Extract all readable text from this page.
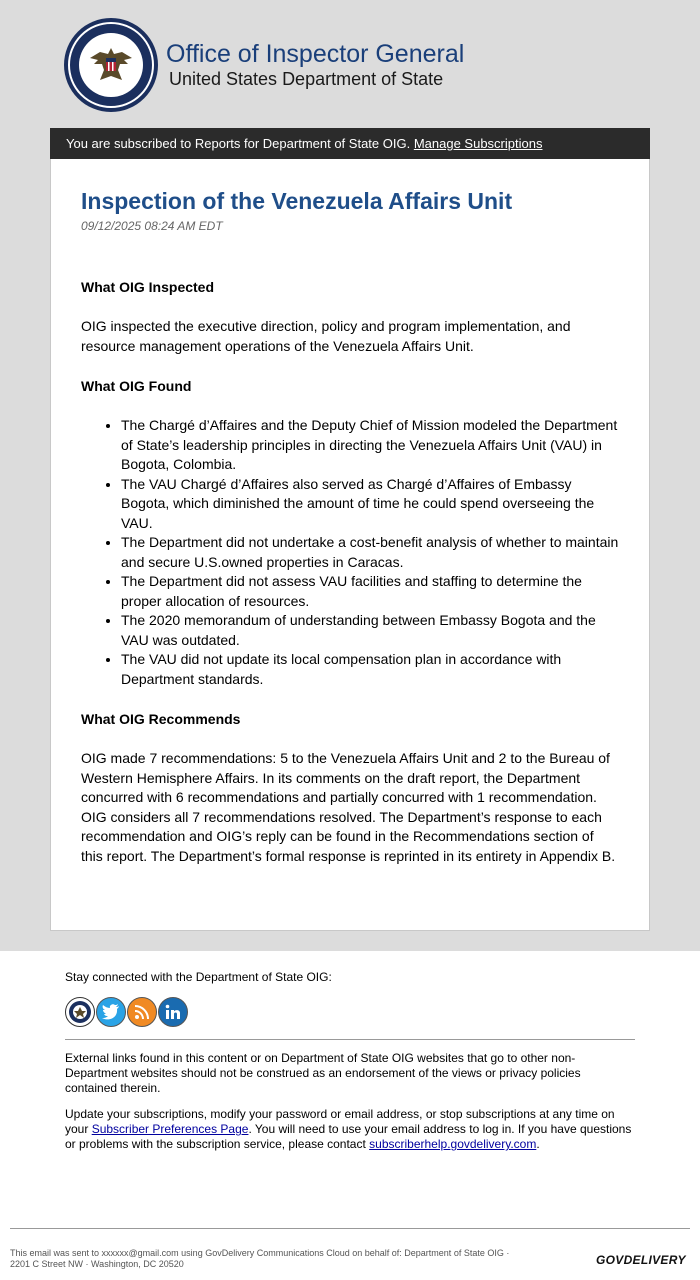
Office of Inspector General
United States Department of State
You are subscribed to Reports for Department of State OIG. Manage Subscriptions
Inspection of the Venezuela Affairs Unit
09/12/2025 08:24 AM EDT
What OIG Inspected
OIG inspected the executive direction, policy and program implementation, and resource management operations of the Venezuela Affairs Unit.
What OIG Found
• The Chargé d’Affaires and the Deputy Chief of Mission modeled the Department of State’s leadership principles in directing the Venezuela Affairs Unit (VAU) in Bogota, Colombia.
• The VAU Chargé d’Affaires also served as Chargé d’Affaires of Embassy Bogota, which diminished the amount of time he could spend overseeing the VAU.
• The Department did not undertake a cost-benefit analysis of whether to maintain and secure U.S.owned properties in Caracas.
• The Department did not assess VAU facilities and staffing to determine the proper allocation of resources.
• The 2020 memorandum of understanding between Embassy Bogota and the VAU was outdated.
• The VAU did not update its local compensation plan in accordance with Department standards.
What OIG Recommends
OIG made 7 recommendations: 5 to the Venezuela Affairs Unit and 2 to the Bureau of Western Hemisphere Affairs. In its comments on the draft report, the Department concurred with 6 recommendations and partially concurred with 1 recommendation. OIG considers all 7 recommendations resolved. The Department’s response to each recommendation and OIG’s reply can be found in the Recommendations section of this report. The Department’s formal response is reprinted in its entirety in Appendix B.
Stay connected with the Department of State OIG:

External links found in this content or on Department of State OIG websites that go to other non-Department websites should not be construed as an endorsement of the views or privacy policies contained therein.

Update your subscriptions, modify your password or email address, or stop subscriptions at any time on your Subscriber Preferences Page. You will need to use your email address to log in. If you have questions or problems with the subscription service, please contact subscriberhelp.govdelivery.com.

This email was sent to xxxxxx@gmail.com using GovDelivery Communications Cloud on behalf of: Department of State OIG ·
2201 C Street NW · Washington, DC 20520	GOVDELIVERY
